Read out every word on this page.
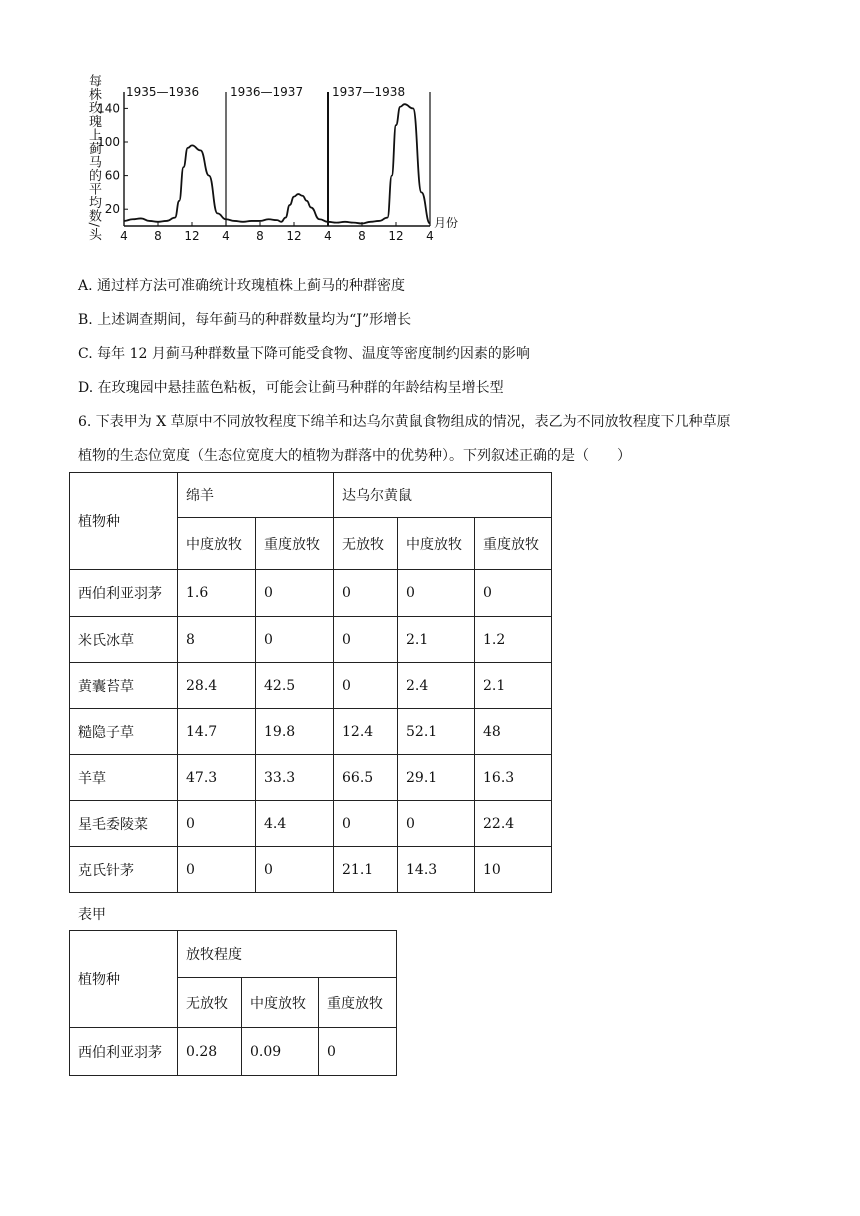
每株玫瑰上蓟马的平均数/头 1935—1936	1936—1937 1937—1938
20
60
100
140
4 8 12 4 8 12 4 8 12 4
月份
A. 通过样方法可准确统计玫瑰植株上蓟马的种群密度
B. 上述调查期间，每年蓟马的种群数量均为“J”形增长
C. 每年 12 月蓟马种群数量下降可能受食物、温度等密度制约因素的影响
D. 在玫瑰园中悬挂蓝色粘板，可能会让蓟马种群的年龄结构呈增长型
6. 下表甲为 X 草原中不同放牧程度下绵羊和达乌尔黄鼠食物组成的情况，表乙为不同放牧程度下几种草原
植物的生态位宽度（生态位宽度大的植物为群落中的优势种）。下列叙述正确的是（　　）
植物种	绵羊		达乌尔黄鼠		
	中度放牧	重度放牧	无放牧	中度放牧	重度放牧
西伯利亚羽茅	1.6	0	0	0	0
米氏冰草	8	0	0	2.1	1.2
黄囊苔草	28.4	42.5	0	2.4	2.1
糙隐子草	14.7	19.8	12.4	52.1	48
羊草	47.3	33.3	66.5	29.1	16.3
星毛委陵菜	0	4.4	0	0	22.4
克氏针茅	0	0	21.1	14.3	10
表甲
植物种	放牧程度		
	无放牧	中度放牧	重度放牧
西伯利亚羽茅	0.28	0.09	0
